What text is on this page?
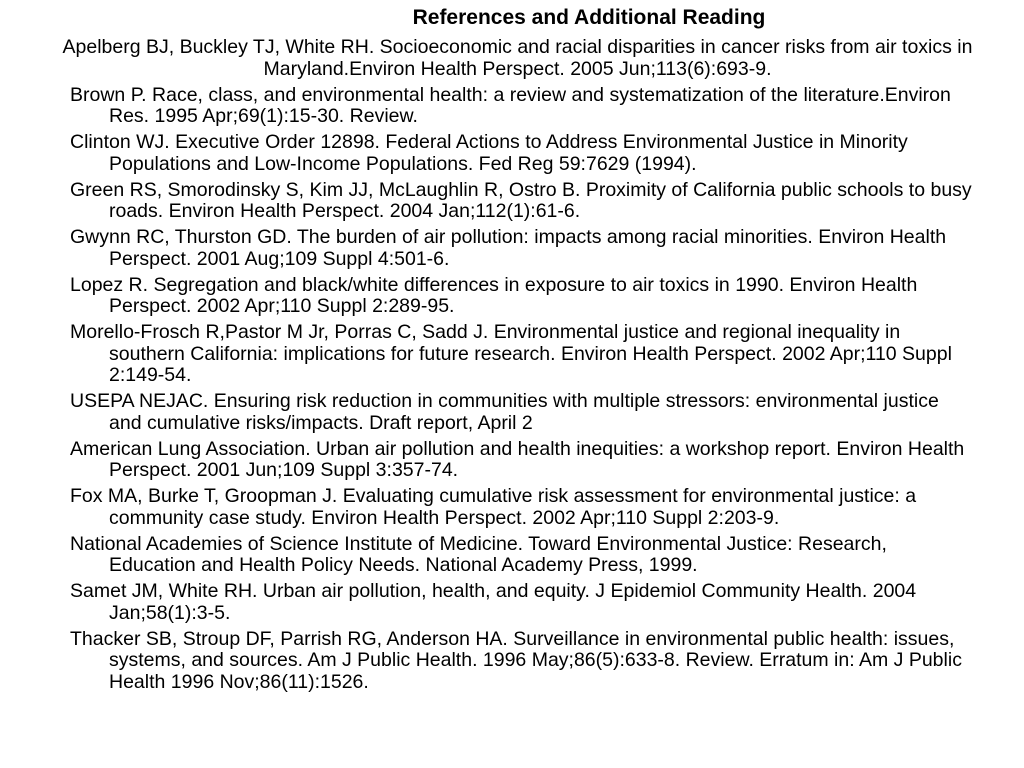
References and Additional Reading
Apelberg BJ, Buckley TJ, White RH. Socioeconomic and racial disparities in cancer risks from air toxics in Maryland.Environ Health Perspect. 2005 Jun;113(6):693-9.
Brown P. Race, class, and environmental health: a review and systematization of the literature.Environ Res. 1995 Apr;69(1):15-30. Review.
Clinton WJ. Executive Order 12898. Federal Actions to Address Environmental Justice in Minority Populations and Low-Income Populations. Fed Reg 59:7629 (1994).
Green RS, Smorodinsky S, Kim JJ, McLaughlin R, Ostro B. Proximity of California public schools to busy roads. Environ Health Perspect. 2004 Jan;112(1):61-6.
Gwynn RC, Thurston GD. The burden of air pollution: impacts among racial minorities. Environ Health Perspect. 2001 Aug;109 Suppl 4:501-6.
Lopez R. Segregation and black/white differences in exposure to air toxics in 1990. Environ Health Perspect. 2002 Apr;110 Suppl 2:289-95.
Morello-Frosch R,Pastor M Jr, Porras C, Sadd J. Environmental justice and regional inequality in southern California: implications for future research. Environ Health Perspect. 2002 Apr;110 Suppl 2:149-54.
USEPA NEJAC. Ensuring risk reduction in communities with multiple stressors: environmental justice and cumulative risks/impacts. Draft report, April 2
American Lung Association. Urban air pollution and health inequities: a workshop report. Environ Health Perspect. 2001 Jun;109 Suppl 3:357-74.
Fox MA, Burke T, Groopman J. Evaluating cumulative risk assessment for environmental justice: a community case study. Environ Health Perspect. 2002 Apr;110 Suppl 2:203-9.
National Academies of Science Institute of Medicine. Toward Environmental Justice: Research, Education and Health Policy Needs. National Academy Press, 1999.
Samet JM, White RH. Urban air pollution, health, and equity. J Epidemiol Community Health. 2004 Jan;58(1):3-5.
Thacker SB, Stroup DF, Parrish RG, Anderson HA. Surveillance in environmental public health: issues, systems, and sources. Am J Public Health. 1996 May;86(5):633-8. Review. Erratum in: Am J Public Health 1996 Nov;86(11):1526.
